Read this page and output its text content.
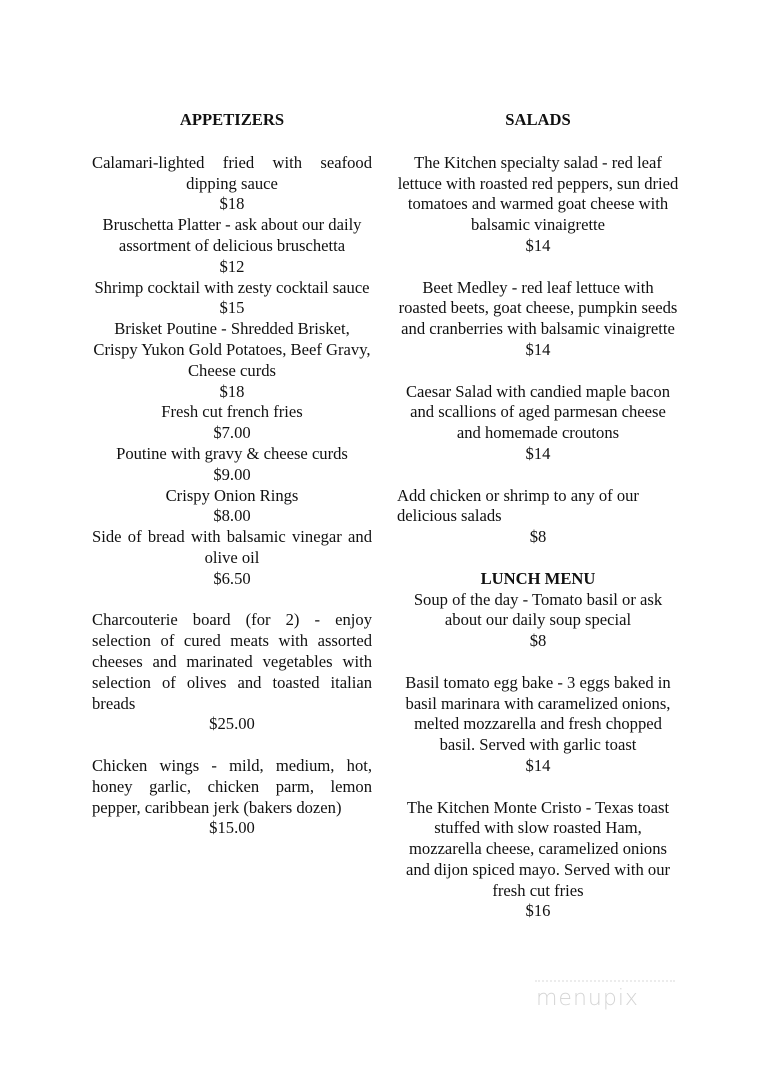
APPETIZERS

Calamari-lighted fried with seafood dipping sauce
$18
Bruschetta Platter - ask about our daily assortment of delicious bruschetta
$12
Shrimp cocktail with zesty cocktail sauce
$15
Brisket Poutine - Shredded Brisket, Crispy Yukon Gold Potatoes, Beef Gravy, Cheese curds
$18
Fresh cut french fries
$7.00
Poutine with gravy & cheese curds
$9.00
Crispy Onion Rings
$8.00
Side of bread with balsamic vinegar and olive oil
$6.50
Charcouterie board (for 2) - enjoy selection of cured meats with assorted cheeses and marinated vegetables with selection of olives and toasted italian breads
$25.00
Chicken wings - mild, medium, hot, honey garlic, chicken parm, lemon pepper, caribbean jerk (bakers dozen)
$15.00

SALADS

The Kitchen specialty salad - red leaf lettuce with roasted red peppers, sun dried tomatoes and warmed goat cheese with balsamic vinaigrette
$14
Beet Medley - red leaf lettuce with roasted beets, goat cheese, pumpkin seeds and cranberries with balsamic vinaigrette
$14
Caesar Salad with candied maple bacon and scallions of aged parmesan cheese and homemade croutons
$14
Add chicken or shrimp to any of our delicious salads
$8

LUNCH MENU

Soup of the day - Tomato basil or ask about our daily soup special
$8
Basil tomato egg bake - 3 eggs baked in basil marinara with caramelized onions, melted mozzarella and fresh chopped basil. Served with garlic toast
$14
The Kitchen Monte Cristo - Texas toast stuffed with slow roasted Ham, mozzarella cheese, caramelized onions and dijon spiced mayo. Served with our fresh cut fries
$16
menupix
